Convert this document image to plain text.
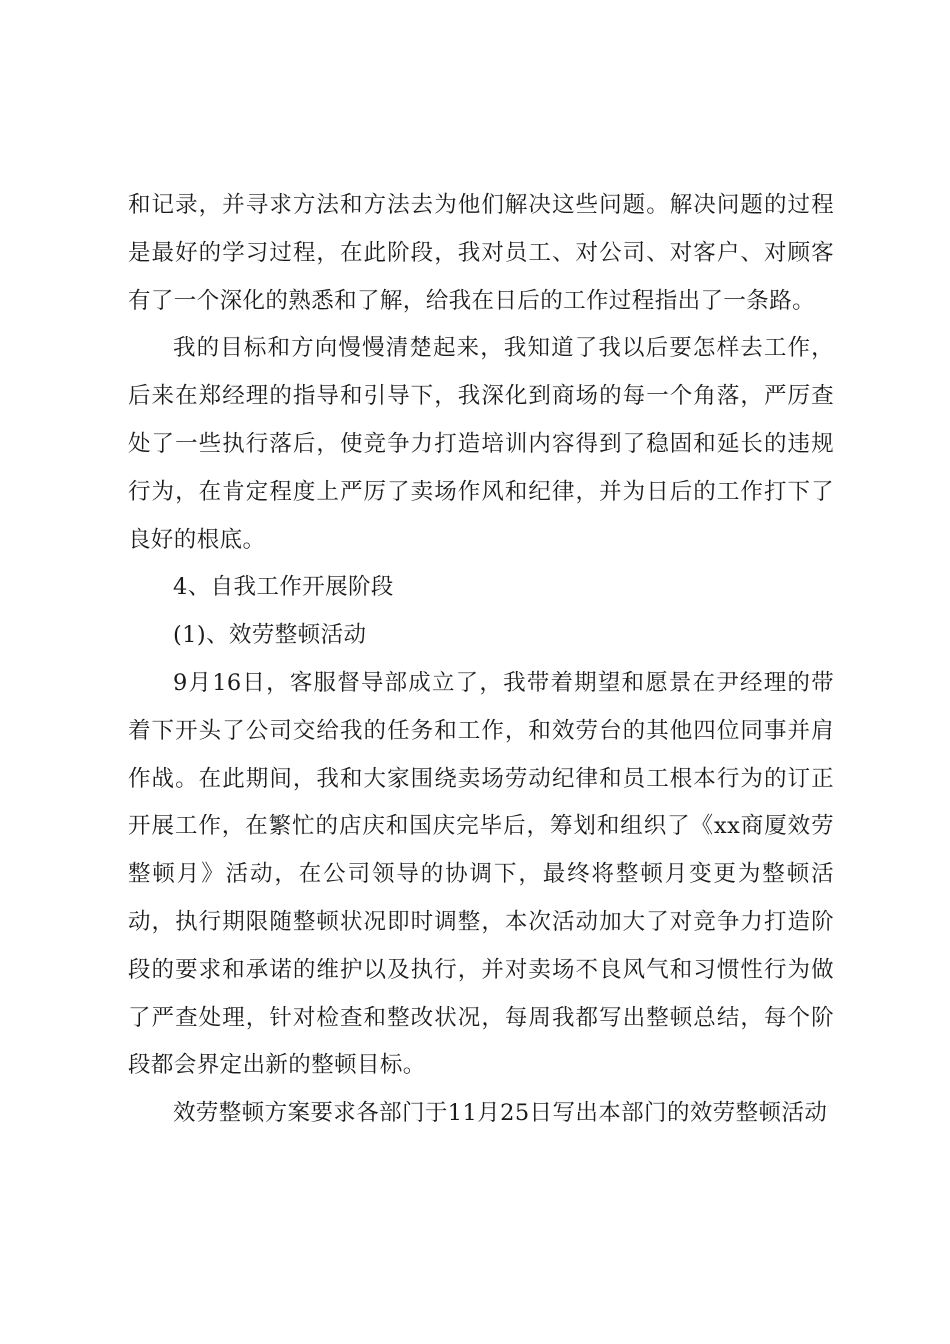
和记录，并寻求方法和方法去为他们解决这些问题。解决问题的过程是最好的学习过程，在此阶段，我对员工、对公司、对客户、对顾客有了一个深化的熟悉和了解，给我在日后的工作过程指出了一条路。

我的目标和方向慢慢清楚起来，我知道了我以后要怎样去工作，后来在郑经理的指导和引导下，我深化到商场的每一个角落，严厉查处了一些执行落后，使竞争力打造培训内容得到了稳固和延长的违规行为，在肯定程度上严厉了卖场作风和纪律，并为日后的工作打下了良好的根底。

4、自我工作开展阶段

(1)、效劳整顿活动

9月16日，客服督导部成立了，我带着期望和愿景在尹经理的带着下开头了公司交给我的任务和工作，和效劳台的其他四位同事并肩作战。在此期间，我和大家围绕卖场劳动纪律和员工根本行为的订正开展工作，在繁忙的店庆和国庆完毕后，筹划和组织了《xx商厦效劳整顿月》活动，在公司领导的协调下，最终将整顿月变更为整顿活动，执行期限随整顿状况即时调整，本次活动加大了对竞争力打造阶段的要求和承诺的维护以及执行，并对卖场不良风气和习惯性行为做了严查处理，针对检查和整改状况，每周我都写出整顿总结，每个阶段都会界定出新的整顿目标。

效劳整顿方案要求各部门于11月25日写出本部门的效劳整顿活动
